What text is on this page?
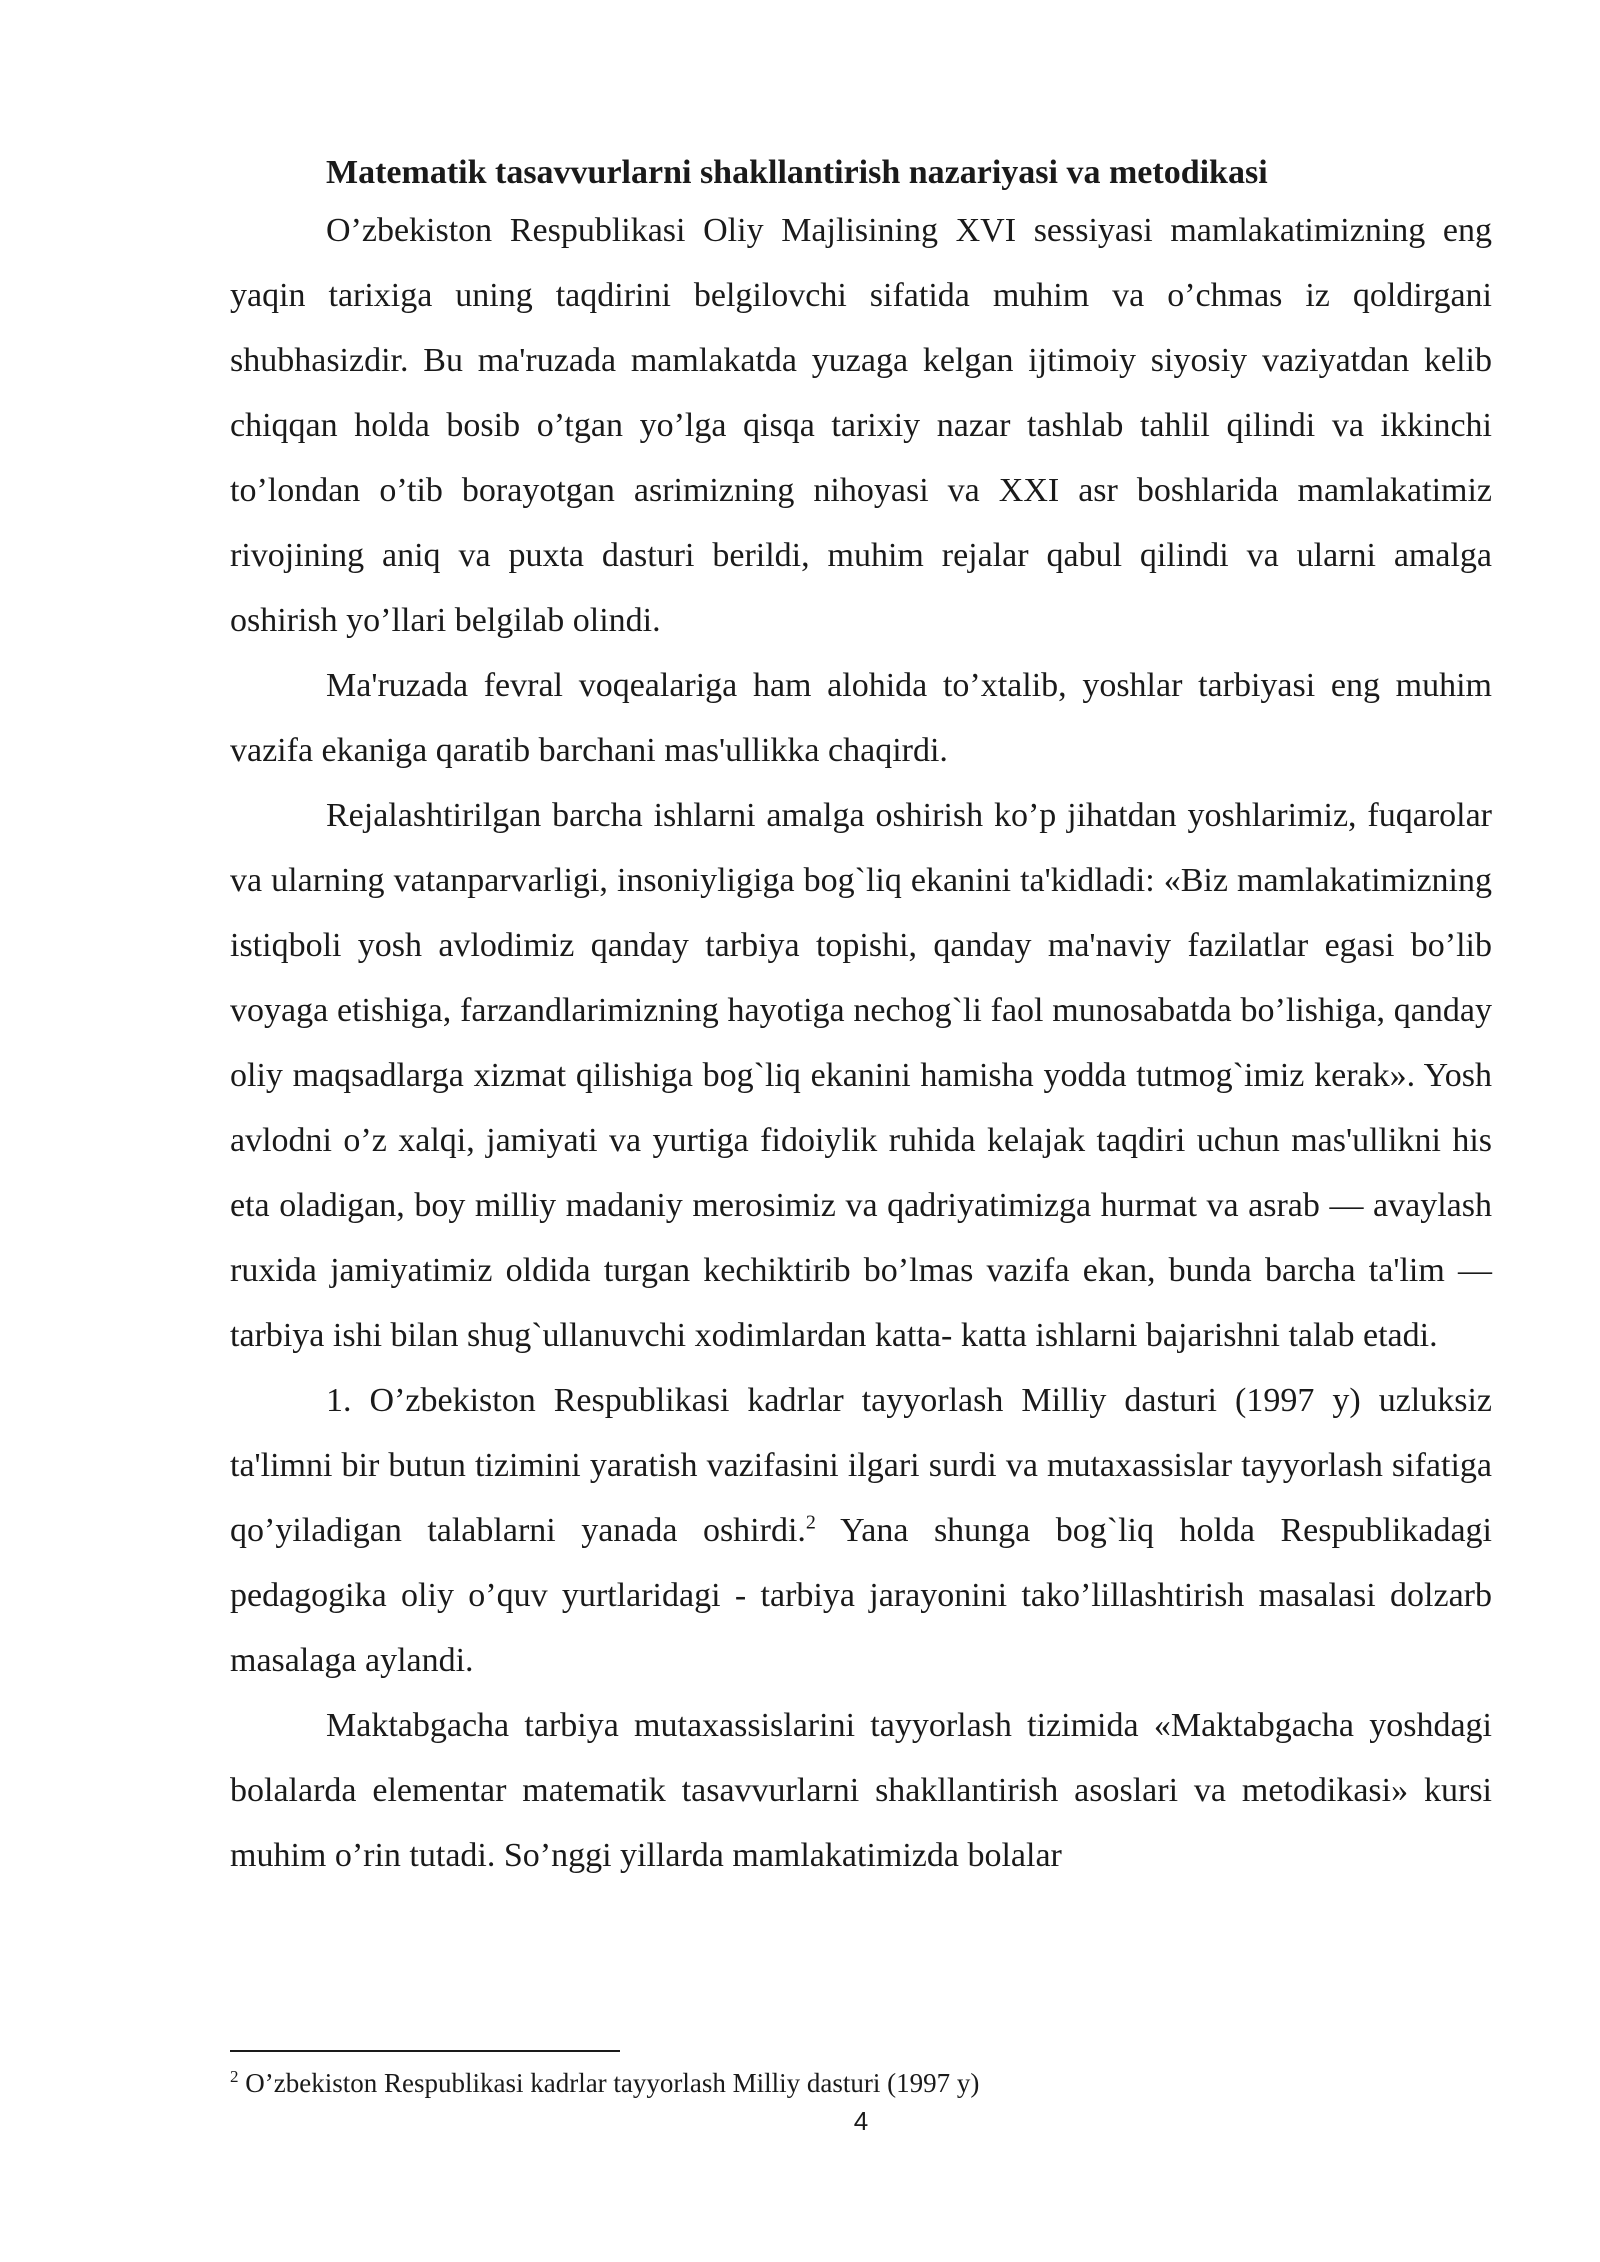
Matematik tasavvurlarni shakllantirish nazariyasi va metodikasi

O’zbekiston Respublikasi Oliy Majlisining XVI sessiyasi mamlakatimizning eng yaqin tarixiga uning taqdirini belgilovchi sifatida muhim va o’chmas iz qoldirgani shubhasizdir. Bu ma'ruzada mamlakatda yuzaga kelgan ijtimoiy siyosiy vaziyatdan kelib chiqqan holda bosib o’tgan yo’lga qisqa tarixiy nazar tashlab tahlil qilindi va ikkinchi to’londan o’tib borayotgan asrimizning nihoyasi va XXI asr boshlarida mamlakatimiz rivojining aniq va puxta dasturi berildi, muhim rejalar qabul qilindi va ularni amalga oshirish yo’llari belgilab olindi.

Ma'ruzada fevral voqealariga ham alohida to’xtalib, yoshlar tarbiyasi eng muhim vazifa ekaniga qaratib barchani mas'ullikka chaqirdi.

Rejalashtirilgan barcha ishlarni amalga oshirish ko’p jihatdan yoshlarimiz, fuqarolar va ularning vatanparvarligi, insoniyligiga bog`liq ekanini ta'kidladi: «Biz mamlakatimizning istiqboli yosh avlodimiz qanday tarbiya topishi, qanday ma'naviy fazilatlar egasi bo’lib voyaga etishiga, farzandlarimizning hayotiga nechog`li faol munosabatda bo’lishiga, qanday oliy maqsadlarga xizmat qilishiga bog`liq ekanini hamisha yodda tutmog`imiz kerak». Yosh avlodni o’z xalqi, jamiyati va yurtiga fidoiylik ruhida kelajak taqdiri uchun mas'ullikni his eta oladigan, boy milliy madaniy merosimiz va qadriyatimizga hurmat va asrab — avaylash ruxida jamiyatimiz oldida turgan kechiktirib bo’lmas vazifa ekan, bunda barcha ta'lim — tarbiya ishi bilan shug`ullanuvchi xodimlardan katta- katta ishlarni bajarishni talab etadi.

1. O’zbekiston Respublikasi kadrlar tayyorlash Milliy dasturi (1997 y) uzluksiz ta'limni bir butun tizimini yaratish vazifasini ilgari surdi va mutaxassislar tayyorlash sifatiga qo’yiladigan talablarni yanada oshirdi.$^2$ Yana shunga bog`liq holda Respublikadagi pedagogika oliy o’quv yurtlaridagi - tarbiya jarayonini tako’lillashtirish masalasi dolzarb masalaga aylandi.

Maktabgacha tarbiya mutaxassislarini tayyorlash tizimida «Maktabgacha yoshdagi bolalarda elementar matematik tasavvurlarni shakllantirish asoslari va metodikasi» kursi muhim o’rin tutadi. So’nggi yillarda mamlakatimizda bolalar

$^2$ O’zbekiston Respublikasi kadrlar tayyorlash Milliy dasturi (1997 y)
4
